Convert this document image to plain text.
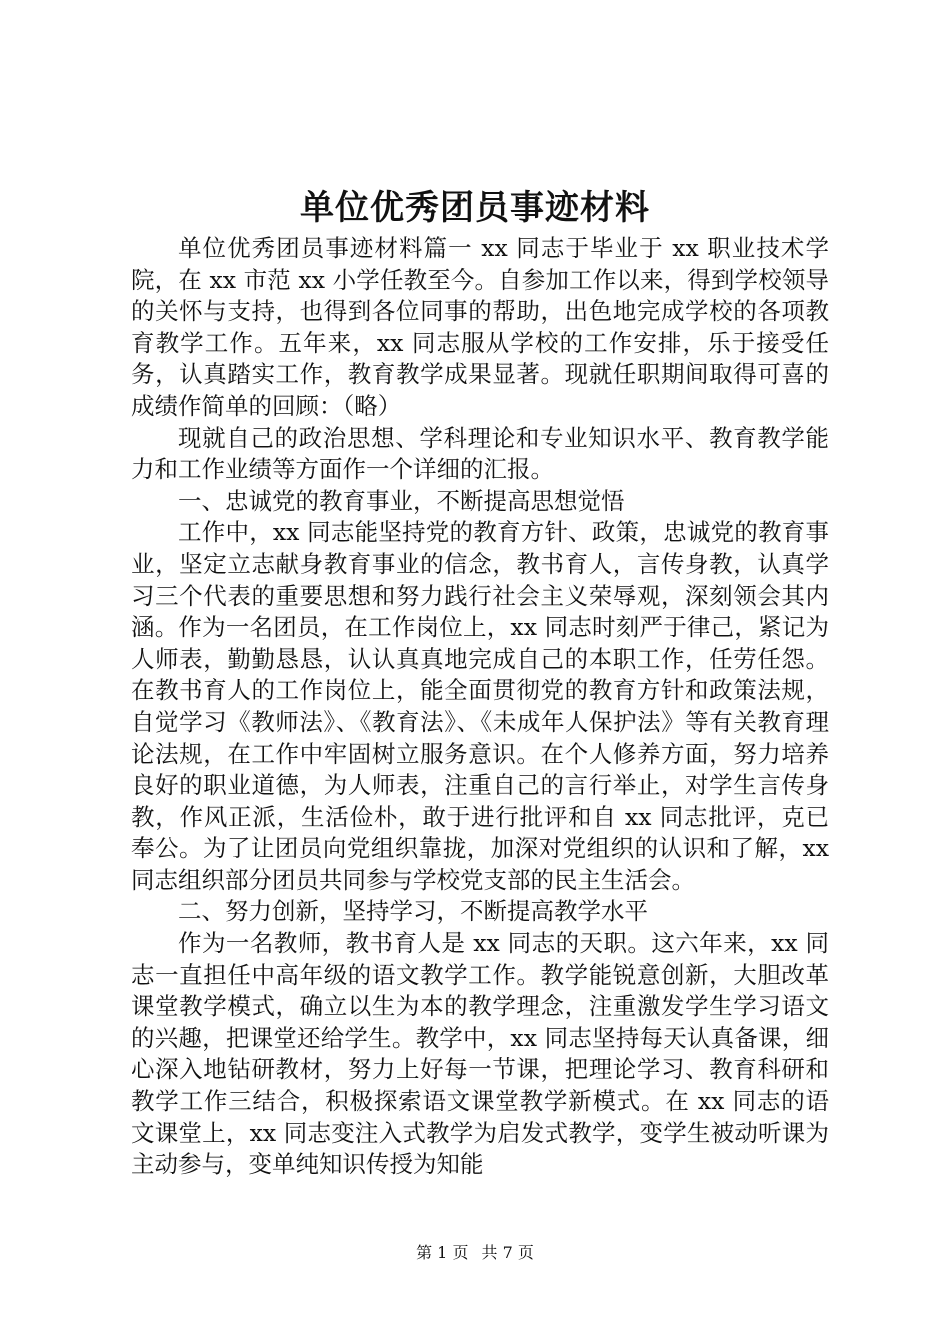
单位优秀团员事迹材料

单位优秀团员事迹材料篇一 xx 同志于毕业于 xx 职业技术学院，在 xx 市范 xx 小学任教至今。自参加工作以来，得到学校领导的关怀与支持，也得到各位同事的帮助，出色地完成学校的各项教育教学工作。五年来，xx 同志服从学校的工作安排，乐于接受任务，认真踏实工作，教育教学成果显著。现就任职期间取得可喜的成绩作简单的回顾：（略）

现就自己的政治思想、学科理论和专业知识水平、教育教学能力和工作业绩等方面作一个详细的汇报。

一、忠诚党的教育事业，不断提高思想觉悟

工作中，xx 同志能坚持党的教育方针、政策，忠诚党的教育事业，坚定立志献身教育事业的信念，教书育人，言传身教，认真学习三个代表的重要思想和努力践行社会主义荣辱观，深刻领会其内涵。作为一名团员，在工作岗位上，xx 同志时刻严于律己，紧记为人师表，勤勤恳恳，认认真真地完成自己的本职工作，任劳任怨。在教书育人的工作岗位上，能全面贯彻党的教育方针和政策法规，自觉学习《教师法》、《教育法》、《未成年人保护法》等有关教育理论法规，在工作中牢固树立服务意识。在个人修养方面，努力培养良好的职业道德，为人师表，注重自己的言行举止，对学生言传身教，作风正派，生活俭朴，敢于进行批评和自 xx 同志批评，克已奉公。为了让团员向党组织靠拢，加深对党组织的认识和了解，xx 同志组织部分团员共同参与学校党支部的民主生活会。

二、努力创新，坚持学习，不断提高教学水平

作为一名教师，教书育人是 xx 同志的天职。这六年来，xx 同志一直担任中高年级的语文教学工作。教学能锐意创新，大胆改革课堂教学模式，确立以生为本的教学理念，注重激发学生学习语文的兴趣，把课堂还给学生。教学中，xx 同志坚持每天认真备课，细心深入地钻研教材，努力上好每一节课，把理论学习、教育科研和教学工作三结合，积极探索语文课堂教学新模式。在 xx 同志的语文课堂上，xx 同志变注入式教学为启发式教学，变学生被动听课为主动参与，变单纯知识传授为知能

第 1 页 共 7 页
